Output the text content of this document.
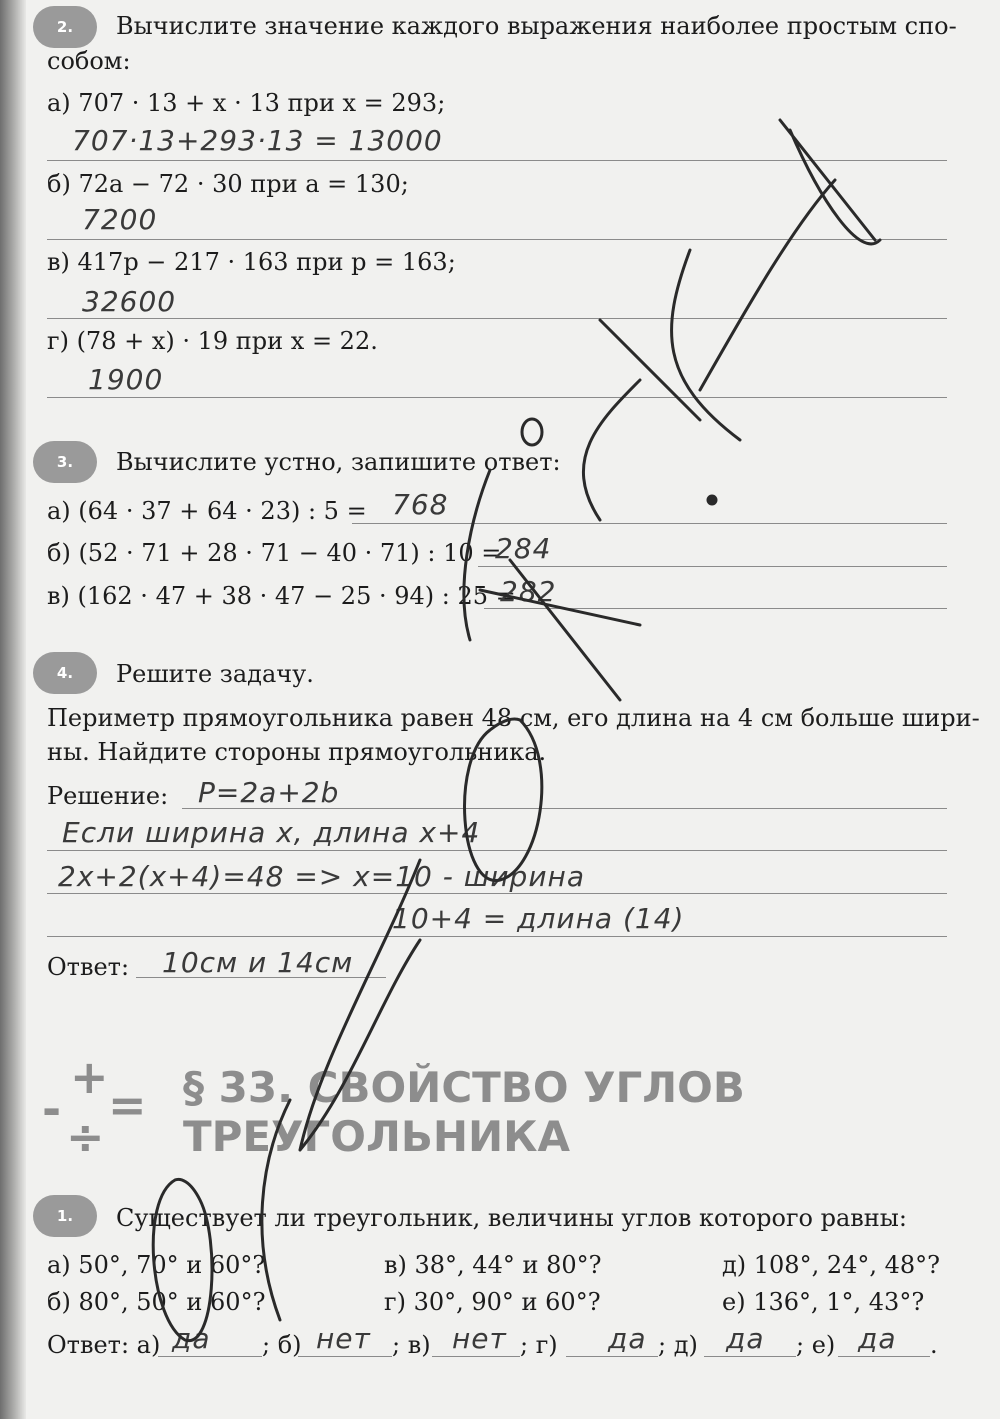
2.	Вычислите значение каждого выражения наиболее простым спо-
собом:
а) 707 · 13 + x · 13 при x = 293;
707·13+293·13 = 13000
б) 72a − 72 · 30 при a = 130;
7200
в) 417p − 217 · 163 при p = 163;
32600
г) (78 + x) · 19 при x = 22.
1900
3.	Вычислите устно, запишите ответ:
а) (64 · 37 + 64 · 23) : 5 = 768
б) (52 · 71 + 28 · 71 − 40 · 71) : 10 =
284
в) (162 · 47 + 38 · 47 − 25 · 94) : 25 =
282
4.	Решите задачу.
Периметр прямоугольника равен 48 см, его длина на 4 см больше шири-
ны. Найдите стороны прямоугольника.
Решение: P=2a+2b
Если ширина x, длина x+4
2x+2(x+4)=48 => x=10 - ширина
10+4 = длина (14)
Ответ: 10см и 14см
-
+
=
÷
§ 33. СВОЙСТВО УГЛОВ
ТРЕУГОЛЬНИКА
1.	Существует ли треугольник, величины углов которого равны:
а) 50°, 70° и 60°?	в) 38°, 44° и 80°?	д) 108°, 24°, 48°?
б) 80°, 50° и 60°?	г) 30°, 90° и 60°?	е) 136°, 1°, 43°?
Ответ: а) да ; б) нет ; в) нет ; г) да ; д) да ; е) да .
